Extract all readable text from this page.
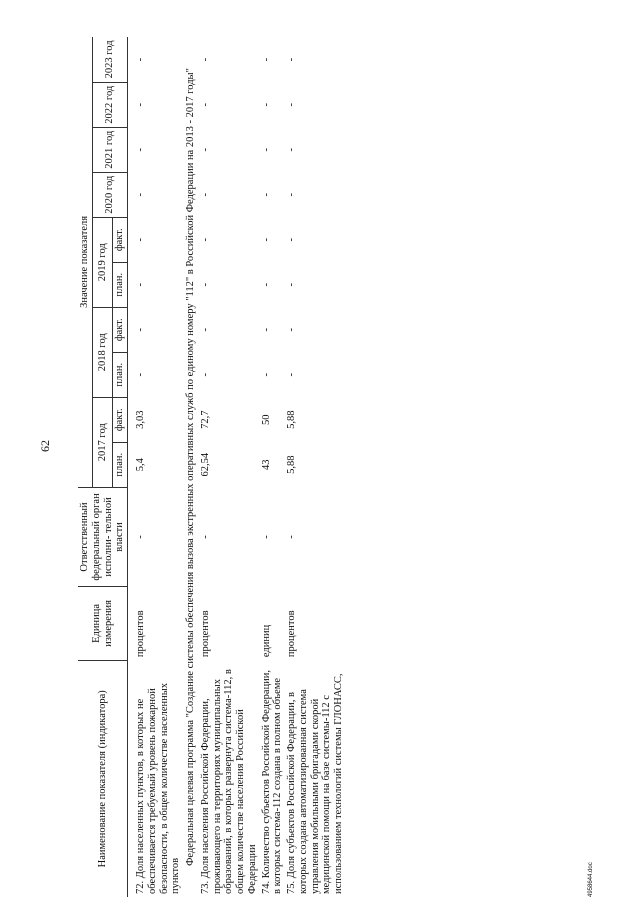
62
4958644.doc
Наименование показателя (индикатора)	Единица измерения	Ответственный федеральный орган исполни- тельной власти	Значение показателя									
			2017 год		2018 год		2019 год		2020 год	2021 год	2022 год	2023 год
			план.	факт.	план.	факт.	план.	факт.				

72. Доля населенных пунктов, в которых не обеспечивается требуемый уровень пожарной безопасности, в общем количестве населенных пунктов	процентов	-	5,4	3,03	-	-	-	-	-	-	-	-
Федеральная целевая программа "Создание системы обеспечения вызова экстренных оперативных служб по единому номеру "112" в Российской Федерации на 2013 - 2017 годы"												
73. Доля населения Российской Федерации, проживающего на территориях муниципальных образований, в которых развернута система-112, в общем количестве населения Российской Федерации	процентов	-	62,54	72,7	-	-	-	-	-	-	-	-
74. Количество субъектов Российской Федерации, в которых система-112 создана в полном объеме	единиц	-	43	50	-	-	-	-	-	-	-	-
75. Доля субъектов Российской Федерации, в которых создана автоматизированная система управления мобильными бригадами скорой медицинской помощи на базе системы-112 с использованием технологий системы ГЛОНАСС,	процентов	-	5,88	5,88	-	-	-	-	-	-	-	-
